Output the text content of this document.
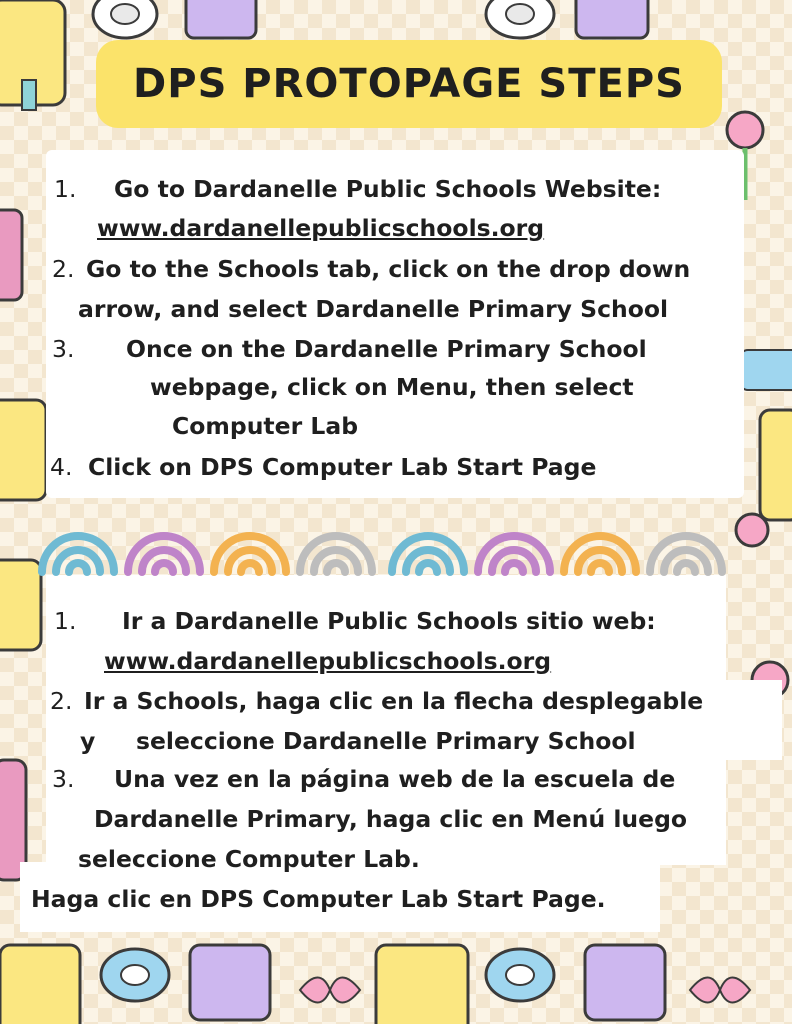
DPS PROTOPAGE STEPS
1. Go to Dardanelle Public Schools Website:
www.dardanellepublicschools.org
2. Go to the Schools tab, click on the drop down
arrow, and select Dardanelle Primary School
3. Once on the Dardanelle Primary School
webpage, click on Menu, then select
Computer Lab
4. Click on DPS Computer Lab Start Page
1. Ir a Dardanelle Public Schools sitio web:
www.dardanellepublicschools.org
2. Ir a Schools, haga clic en la flecha desplegable
y seleccione Dardanelle Primary School
3. Una vez en la página web de la escuela de
Dardanelle Primary, haga clic en Menú luego
seleccione Computer Lab.
Haga clic en DPS Computer Lab Start Page.
